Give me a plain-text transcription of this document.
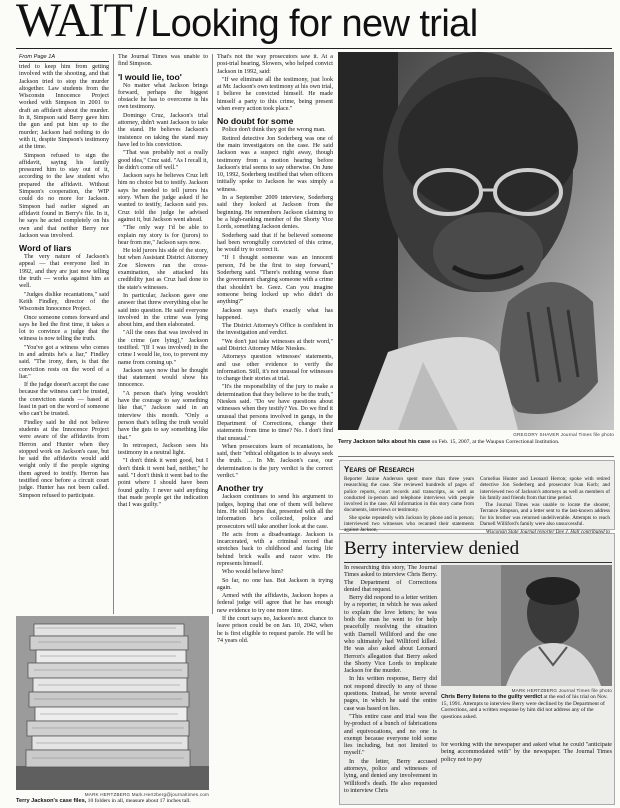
WAIT /Looking for new trial
From Page 1A

tried to keep him from getting involved with the shooting, and that Jackson tried to stop the murder altogether. Law students from the Wisconsin Innocence Project worked with Simpson in 2001 to draft an affidavit about the murder. In it, Simpson said Berry gave him the gun and put him up to the murder; Jackson had nothing to do with it, despite Simpson's testimony at the time.

Simpson refused to sign the affidavit, saying his family pressured him to stay out of it, according to the law student who prepared the affidavit. Without Simpson's cooperation, the WIP could do no more for Jackson. Simpson had earlier signed an affidavit found in Berry's file. In it, he says he acted completely on his own and that neither Berry nor Jackson was involved.

Word of liars

The very nature of Jackson's appeal — that everyone lied in 1992, and they are just now telling the truth — works against him as well.

"Judges dislike recantations," said Keith Findley, director of the Wisconsin Innocence Project.

Once someone comes forward and says he lied the first time, it takes a lot to convince a judge that the witness is now telling the truth.

"You've got a witness who comes in and admits he's a liar," Findley said. "The irony, then, is that the conviction rests on the word of a liar."

If the judge doesn't accept the case because the witness can't be trusted, the conviction stands — based at least in part on the word of someone who can't be trusted.

Findley said he did not believe students at the Innocence Project were aware of the affidavits from Herron and Hunter when they stopped work on Jackson's case, but he said the affidavits would add weight only if the people signing them agreed to testify. Herron has testified once before a circuit court judge. Hunter has not been called. Simpson refused to participate.

The Journal Times was unable to find Simpson.

'I would lie, too'

No matter what Jackson brings forward, perhaps the biggest obstacle he has to overcome is his own testimony.

Domingo Cruz, Jackson's trial attorney, didn't want Jackson to take the stand. He believes Jackson's insistence on taking the stand may have led to his conviction.

"That was probably not a really good idea," Cruz said. "As I recall it, he didn't come off well."

Jackson says he believes Cruz left him no choice but to testify. Jackson says he needed to tell jurors his story. When the judge asked if he wanted to testify, Jackson said yes. Cruz told the judge he advised against it, but Jackson went ahead.

"The only way I'd be able to explain my story is for (jurors) to hear from me," Jackson says now.

He told jurors his side of the story, but when Assistant District Attorney Zoe Slowers ran the cross-examination, she attacked his credibility just as Cruz had done to the state's witnesses.

In particular, Jackson gave one answer that threw everything else he said into question. He said everyone involved in the crime was lying about him, and then elaborated.

"All the ones that was involved in the crime (are lying)," Jackson testified. "(If I was involved) in the crime I would lie, too, to prevent my name from coming up."

Jackson says now that he thought that statement would show his innocence.

"A person that's lying wouldn't have the courage to say something like that," Jackson said in an interview this month. "Only a person that's telling the truth would have the guts to say something like that."

In retrospect, Jackson sees his testimony in a neutral light.

"I don't think it went good, but I don't think it went bad, neither," he said. "I don't think it went bad to the point where I should have been found guilty. I never said anything that made people get the indication that I was guilty."

That's not the way prosecutors saw it. At a post-trial hearing, Slowers, who helped convict Jackson in 1992, said:

"If we eliminate all the testimony, just look at Mr. Jackson's own testimony at his own trial, I believe he convicted himself. He made himself a party to this crime, being present when every action took place."

No doubt for some

Police don't think they got the wrong man.

Retired detective Jon Soderberg was one of the main investigators on the case. He said Jackson was a suspect right away, though testimony from a motion hearing before Jackson's trial seems to say otherwise. On June 10, 1992, Soderberg testified that when officers initially spoke to Jackson he was simply a witness.

In a September 2009 interview, Soderberg said they looked at Jackson from the beginning. He remembers Jackson claiming to be a high-ranking member of the Shorty Vice Lords, something Jackson denies.

Soderberg said that if he believed someone had been wrongfully convicted of this crime, he would try to correct it.

"If I thought someone was an innocent person, I'd be the first to step forward," Soderberg said. "There's nothing worse than the government charging someone with a crime that shouldn't be. Geez. Can you imagine someone being locked up who didn't do anything?"

Jackson says that's exactly what has happened.

The District Attorney's Office is confident in the investigation and verdict.

"We don't just take witnesses at their word," said District Attorney Mike Nieskes.

Attorneys question witnesses' statements, and use other evidence to verify the information. Still, it's not unusual for witnesses to change their stories at trial.

"It's the responsibility of the jury to make a determination that they believe to be the truth," Nieskes said. "Do we have questions about witnesses when they testify? Yes. Do we find it unusual that persons involved in gangs, in the Department of Corrections, change their statements from time to time? No. I don't find that unusual."

When prosecutors learn of recantations, he said, their "ethical obligation is to always seek the truth. ... In Mr. Jackson's case, our determination is the jury verdict is the correct verdict."

Another try

Jackson continues to send his argument to judges, hoping that one of them will believe him. He still hopes that, presented with all the information he's collected, police and prosecutors will take another look at the case.

He acts from a disadvantage. Jackson is incarcerated, with a criminal record that stretches back to childhood and facing life behind brick walls and razor wire. He represents himself.

Who would believe him?

So far, no one has. But Jackson is trying again.

Armed with the affidavits, Jackson hopes a federal judge will agree that he has enough new evidence to try one more time.

If the court says no, Jackson's next chance to leave prison could be on Jan. 10, 2042, when he is first eligible to request parole. He will be 74 years old.

GREGORY SHAVER Journal Times file photo
Terry Jackson talks about his case on Feb. 15, 2007, at the Waupun Correctional Institution.
Years of Research

Reporter Janine Anderson spent more than three years researching the case. She reviewed hundreds of pages of police reports, court records and transcripts, as well as conducted in-person and telephone interviews with people involved in the case. All information in this story came from documents, interviews or testimony.

She spoke repeatedly with Jackson by phone and in person; interviewed two witnesses who recanted their statements against Jackson,

Cornelius Hunter and Leonard Herron; spoke with retired detective Jon Soderberg and prosecutor Ivan Korb; and interviewed two of Jackson's attorneys as well as members of his family and friends from that time period.

The Journal Times was unable to locate the shooter, Terrance Simpson, and a letter sent to the last-known address for his brother was returned undeliverable. Attempts to reach Darnell Williford's family were also unsuccessful.

Berry interview denied

In researching this story, The Journal Times asked to interview Chris Berry. The Department of Corrections denied that request.

Berry did respond to a letter written by a reporter, in which he was asked to explain the love letters; he was both the man he went to for help peacefully resolving the situation with Darnell Williford and the one who ultimately had Williford killed. He was also asked about Leonard Herron's allegation that Berry asked the Shorty Vice Lords to implicate Jackson for the murder.

In his written response, Berry did not respond directly to any of those questions. Instead, he wrote several pages, in which he said the entire case was based on lies.

"This entire case and trial was the by-product of a bunch of fabrications and equivocations, and no one is exempt because everyone told some lies including, but not limited to myself."

In the letter, Berry accused attorneys, police and witnesses of lying, and denied any involvement in Williford's death. He also requested to interview Chris

MARK HERTZBERG Journal Times file photo
Chris Berry listens to the guilty verdict at the end of his trial on Nov. 15, 1991. Attempts to interview Berry were declined by the Department of Corrections, and a written response by him did not address any of the questions asked.

for working with the newspaper and asked what he could "anticipate being accommodated with" by the newspaper. The Journal Times policy not to pay

MARK HERTZBERG Mark.Hertzberg@journaltimes.com
Terry Jackson's case files, 10 folders in all, measure about 17 inches tall.
